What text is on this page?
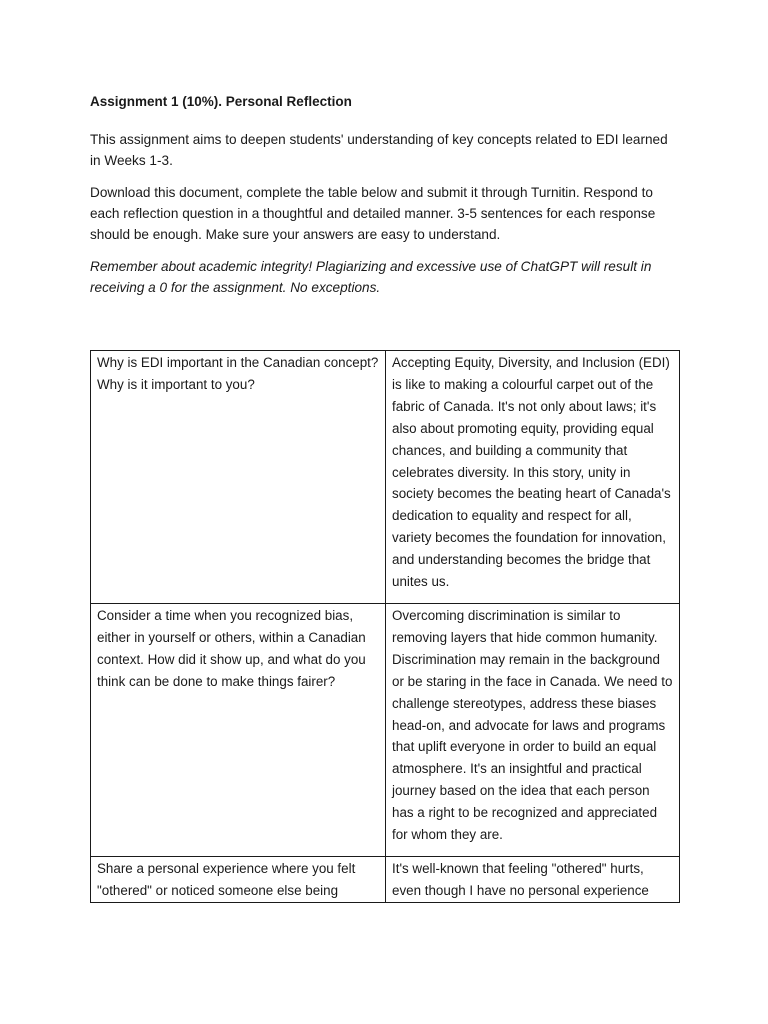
Assignment 1 (10%). Personal Reflection

This assignment aims to deepen students' understanding of key concepts related to EDI learned in Weeks 1-3.

Download this document, complete the table below and submit it through Turnitin. Respond to each reflection question in a thoughtful and detailed manner. 3-5 sentences for each response should be enough. Make sure your answers are easy to understand.

Remember about academic integrity! Plagiarizing and excessive use of ChatGPT will result in receiving a 0 for the assignment. No exceptions.

Why is EDI important in the Canadian concept? Why is it important to you?	Accepting Equity, Diversity, and Inclusion (EDI) is like to making a colourful carpet out of the fabric of Canada. It's not only about laws; it's also about promoting equity, providing equal chances, and building a community that celebrates diversity. In this story, unity in society becomes the beating heart of Canada's dedication to equality and respect for all, variety becomes the foundation for innovation, and understanding becomes the bridge that unites us.
Consider a time when you recognized bias, either in yourself or others, within a Canadian context. How did it show up, and what do you think can be done to make things fairer?	Overcoming discrimination is similar to removing layers that hide common humanity. Discrimination may remain in the background or be staring in the face in Canada. We need to challenge stereotypes, address these biases head-on, and advocate for laws and programs that uplift everyone in order to build an equal atmosphere. It's an insightful and practical journey based on the idea that each person has a right to be recognized and appreciated for whom they are.
Share a personal experience where you felt "othered" or noticed someone else being	It's well-known that feeling "othered" hurts, even though I have no personal experience
